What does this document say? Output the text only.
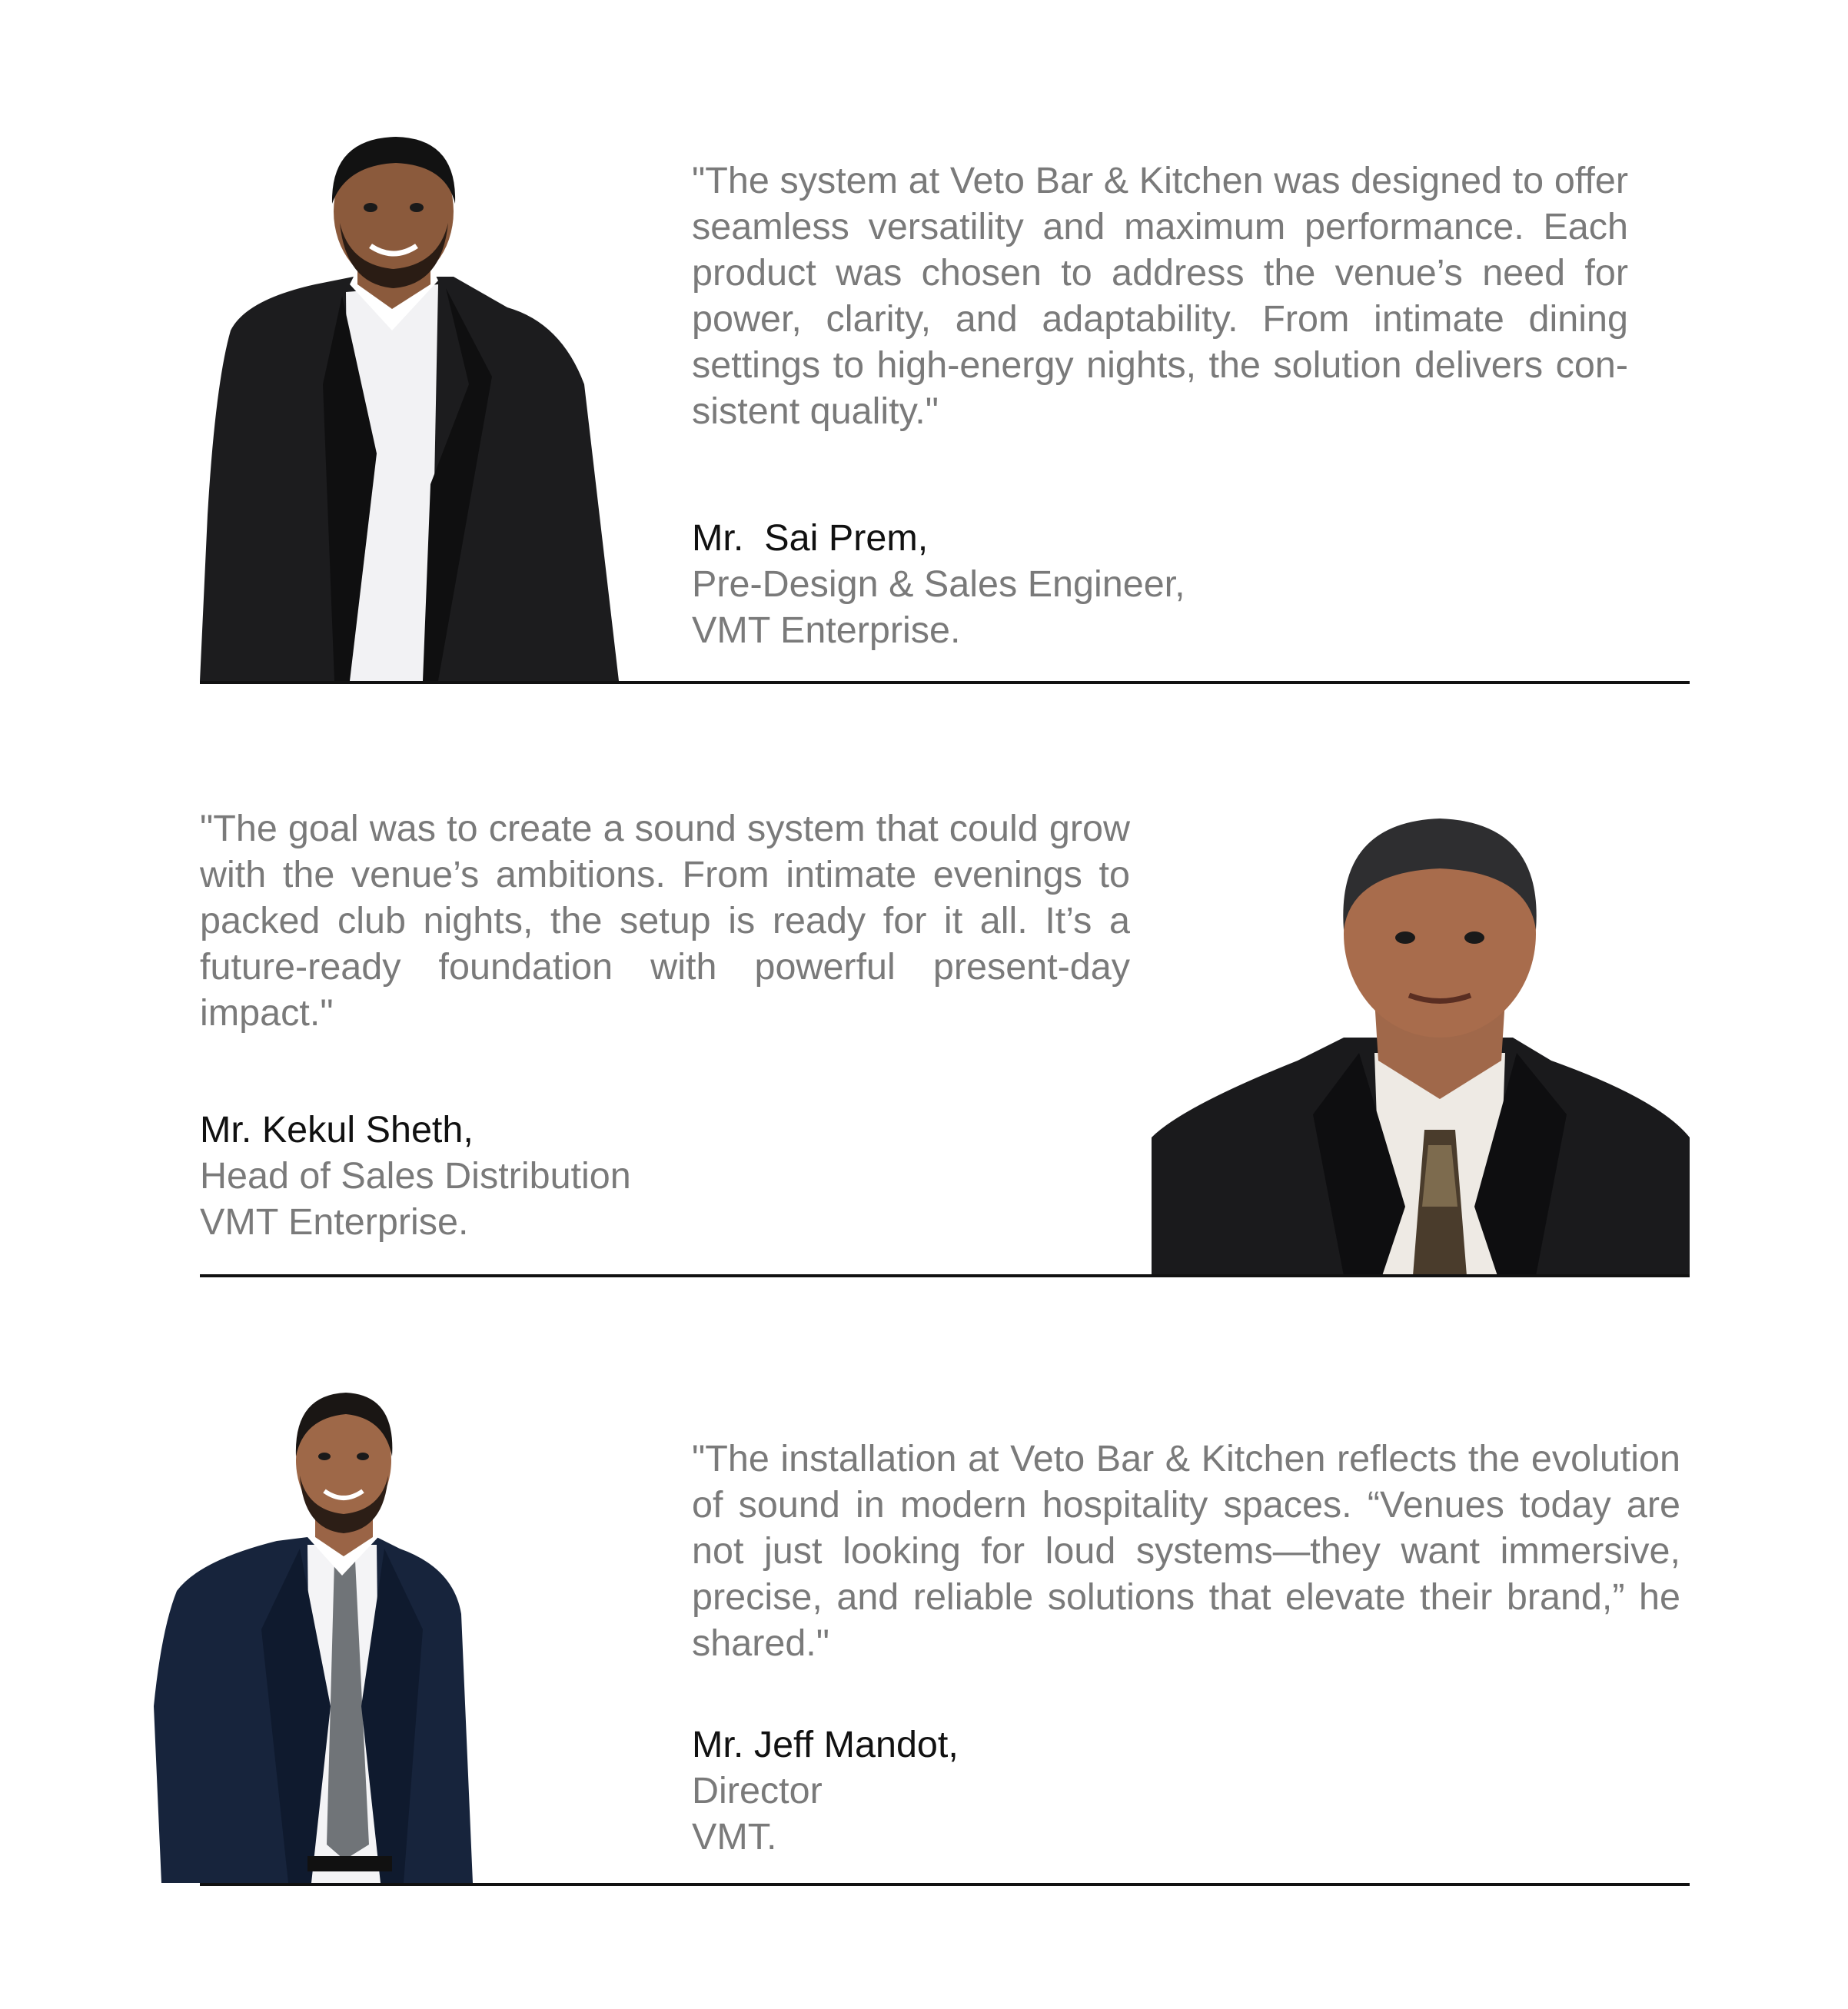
"The system at Veto Bar & Kitchen was designed to offer seamless versatility and maximum performance. Each product was chosen to address the venue’s need for power, clarity, and adaptability. From intimate dining settings to high-energy nights, the solution delivers con-sistent quality."

Mr.  Sai Prem,

Pre-Design & Sales Engineer,

VMT Enterprise.

"The goal was to create a sound system that could grow with the venue’s ambitions. From intimate evenings to packed club nights, the setup is ready for it all. It’s a future-ready foundation with powerful present-day impact."

Mr. Kekul Sheth,

Head of Sales Distribution

VMT Enterprise.

"The installation at Veto Bar & Kitchen reflects the evolution of sound in modern hospitality spaces. “Venues today are not just looking for loud systems—they want immersive, precise, and reliable solutions that elevate their brand,” he shared."

Mr. Jeff Mandot,

Director

VMT.
